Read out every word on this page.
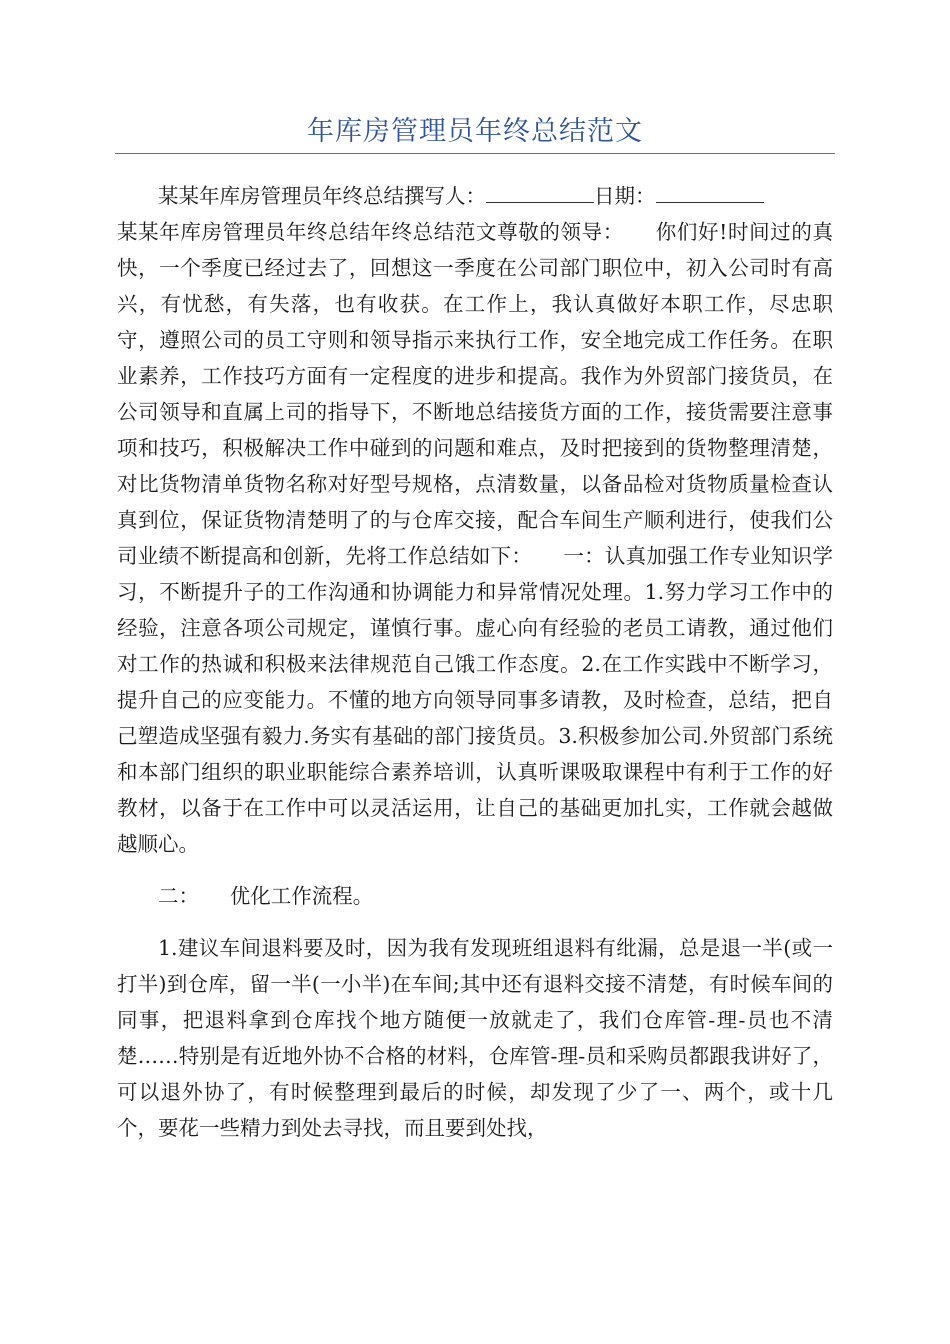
年库房管理员年终总结范文

某某年库房管理员年终总结撰写人：	日期：

某某年库房管理员年终总结年终总结范文尊敬的领导：　　你们好!时间过的真快，一个季度已经过去了，回想这一季度在公司部门职位中，初入公司时有高兴，有忧愁，有失落，也有收获。在工作上，我认真做好本职工作，尽忠职守，遵照公司的员工守则和领导指示来执行工作，安全地完成工作任务。在职业素养，工作技巧方面有一定程度的进步和提高。我作为外贸部门接货员，在公司领导和直属上司的指导下，不断地总结接货方面的工作，接货需要注意事项和技巧，积极解决工作中碰到的问题和难点，及时把接到的货物整理清楚，对比货物清单货物名称对好型号规格，点清数量，以备品检对货物质量检查认真到位，保证货物清楚明了的与仓库交接，配合车间生产顺利进行，使我们公司业绩不断提高和创新，先将工作总结如下：　　一：认真加强工作专业知识学习，不断提升子的工作沟通和协调能力和异常情况处理。1.努力学习工作中的经验，注意各项公司规定，谨慎行事。虚心向有经验的老员工请教，通过他们对工作的热诚和积极来法律规范自己饿工作态度。2.在工作实践中不断学习，提升自己的应变能力。不懂的地方向领导同事多请教，及时检查，总结，把自己塑造成坚强有毅力.务实有基础的部门接货员。3.积极参加公司.外贸部门系统和本部门组织的职业职能综合素养培训，认真听课吸取课程中有利于工作的好教材，以备于在工作中可以灵活运用，让自己的基础更加扎实，工作就会越做越顺心。

二：　　优化工作流程。

1.建议车间退料要及时，因为我有发现班组退料有纰漏，总是退一半(或一打半)到仓库，留一半(一小半)在车间;其中还有退料交接不清楚，有时候车间的同事，把退料拿到仓库找个地方随便一放就走了，我们仓库管-理-员也不清楚……特别是有近地外协不合格的材料，仓库管-理-员和采购员都跟我讲好了，可以退外协了，有时候整理到最后的时候，却发现了少了一、两个，或十几个，要花一些精力到处去寻找，而且要到处找，
